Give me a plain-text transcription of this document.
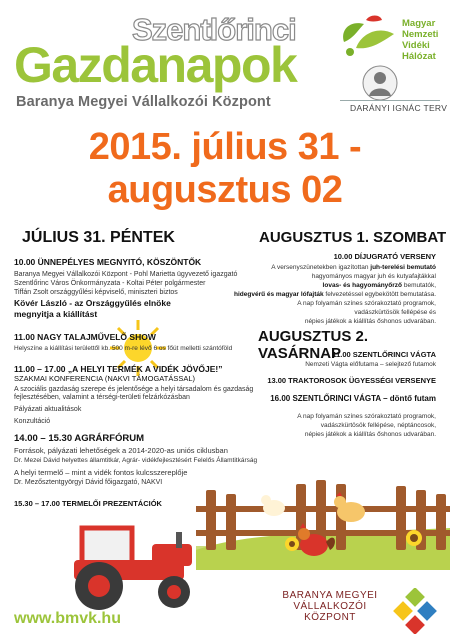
Szentlőrinci
Gazdanapok
Baranya Megyei Vállalkozói Központ
Magyar
Nemzeti
Vidéki
Hálózat
DARÁNYI IGNÁC TERV
2015. július 31 -
augusztus 02
JÚLIUS 31. PÉNTEK
10.00 ÜNNEPÉLYES MEGNYITÓ, KÖSZÖNTŐK
Baranya Megyei Vállalkozói Központ - Pohl Marietta ügyvezető igazgató
Szentlőrinc Város Önkormányzata - Koltai Péter polgármester
Tiffán Zsolt országgyűlési képviselő, miniszteri biztos
Kövér László - az Országgyűlés elnöke
megnyitja a kiállítást
11.00 NAGY TALAJMŰVELŐ SHOW
Helyszíne a kiállítási területtől kb. 500 m-re lévő 6 os főút melletti szántóföld
11.00 – 17.00 „A HELYI TERMÉK A VIDÉK JÖVŐJE!”
SZAKMAI KONFERENCIA (NAKVI TÁMOGATÁSSAL)
A szociális gazdaság szerepe és jelentősége a helyi társadalom és gazdaság
fejlesztésében, valamint a térségi-területi felzárkózásban
Pályázati aktualitások
Konzultáció
14.00 – 15.30 AGRÁRFÓRUM
Források, pályázati lehetőségek a 2014-2020-as uniós ciklusban
Dr. Mezei Dávid helyettes államtitkár, Agrár- vidékfejlesztésért Felelős Államtitkárság
A helyi termelő – mint a vidék fontos kulcsszereplője
Dr. Mezősztentgyörgyi Dávid főigazgató, NAKVI
15.30 – 17.00 TERMELŐI PREZENTÁCIÓK
AUGUSZTUS 1. SZOMBAT
10.00 DÍJUGRATÓ VERSENY
A versenyszünetekben igazítottan juh-terelési bemutató
hagyományos magyar juh és kutyafajtákkal
lovas- és hagyományőrző bemutatók,
hidegvérű és magyar lófajták felvezetéssel egybekötött bemutatása.
A nap folyamán színes szórakoztató programok,
vadászkürtösök fellépése és
népies játékok a kiállítás őshonos udvarában.
www.bmvk.hu
BARANYA MEGYEI
VÁLLALKOZÓI KÖZPONT
AUGUSZTUS 2. VASÁRNAP
11.00 SZENTLŐRINCI VÁGTA
Nemzeti Vágta előfutama – selejtező futamok
13.00 TRAKTOROSOK ÜGYESSÉGI VERSENYE
16.00 SZENTLŐRINCI VÁGTA – döntő futam
A nap folyamán színes szórakoztató programok,
vadászkürtösök fellépése, néptáncosok,
népies játékok a kiállítás őshonos udvarában.
